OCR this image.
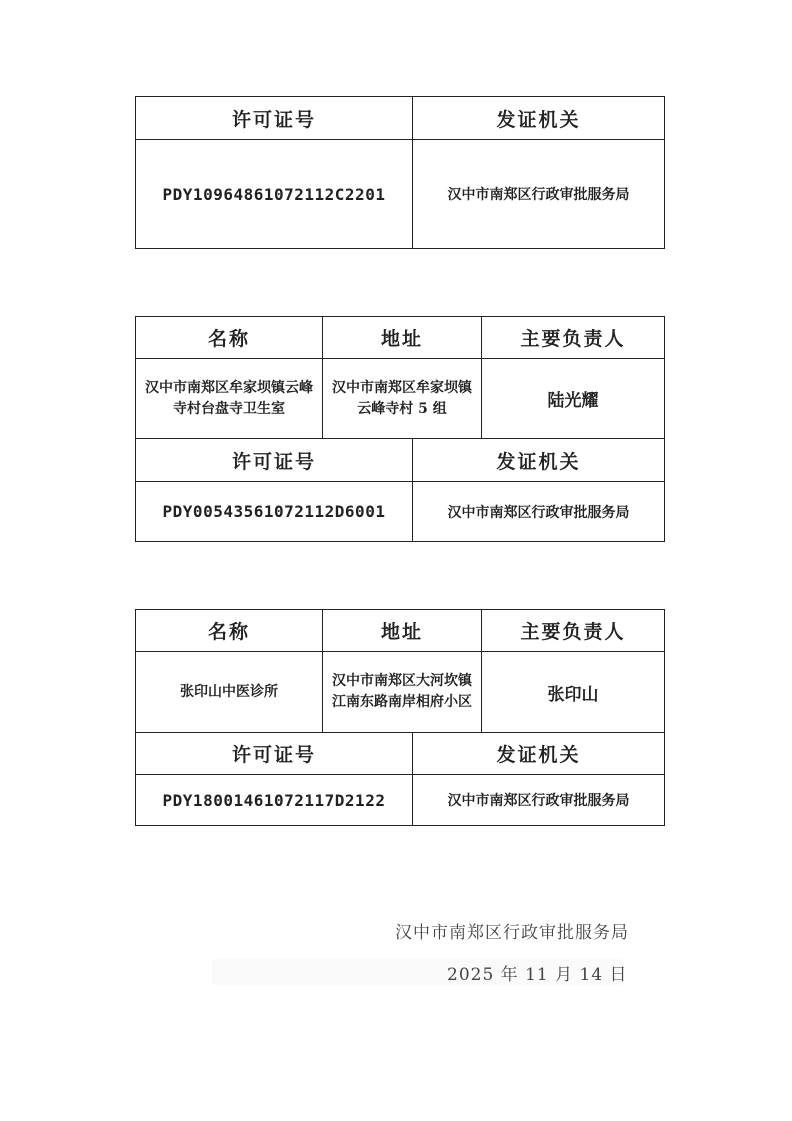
许可证号	发证机关
PDY10964861072112C2201	汉中市南郑区行政审批服务局
名称	地址		主要负责人
汉中市南郑区牟家坝镇云峰寺村台盘寺卫生室	汉中市南郑区牟家坝镇云峰寺村 5 组		陆光耀
许可证号		发证机关	
PDY00543561072112D6001		汉中市南郑区行政审批服务局	
名称	地址		主要负责人
张印山中医诊所	汉中市南郑区大河坎镇江南东路南岸相府小区		张印山
许可证号		发证机关	
PDY18001461072117D2122		汉中市南郑区行政审批服务局	
汉中市南郑区行政审批服务局
2025 年 11 月 14 日
